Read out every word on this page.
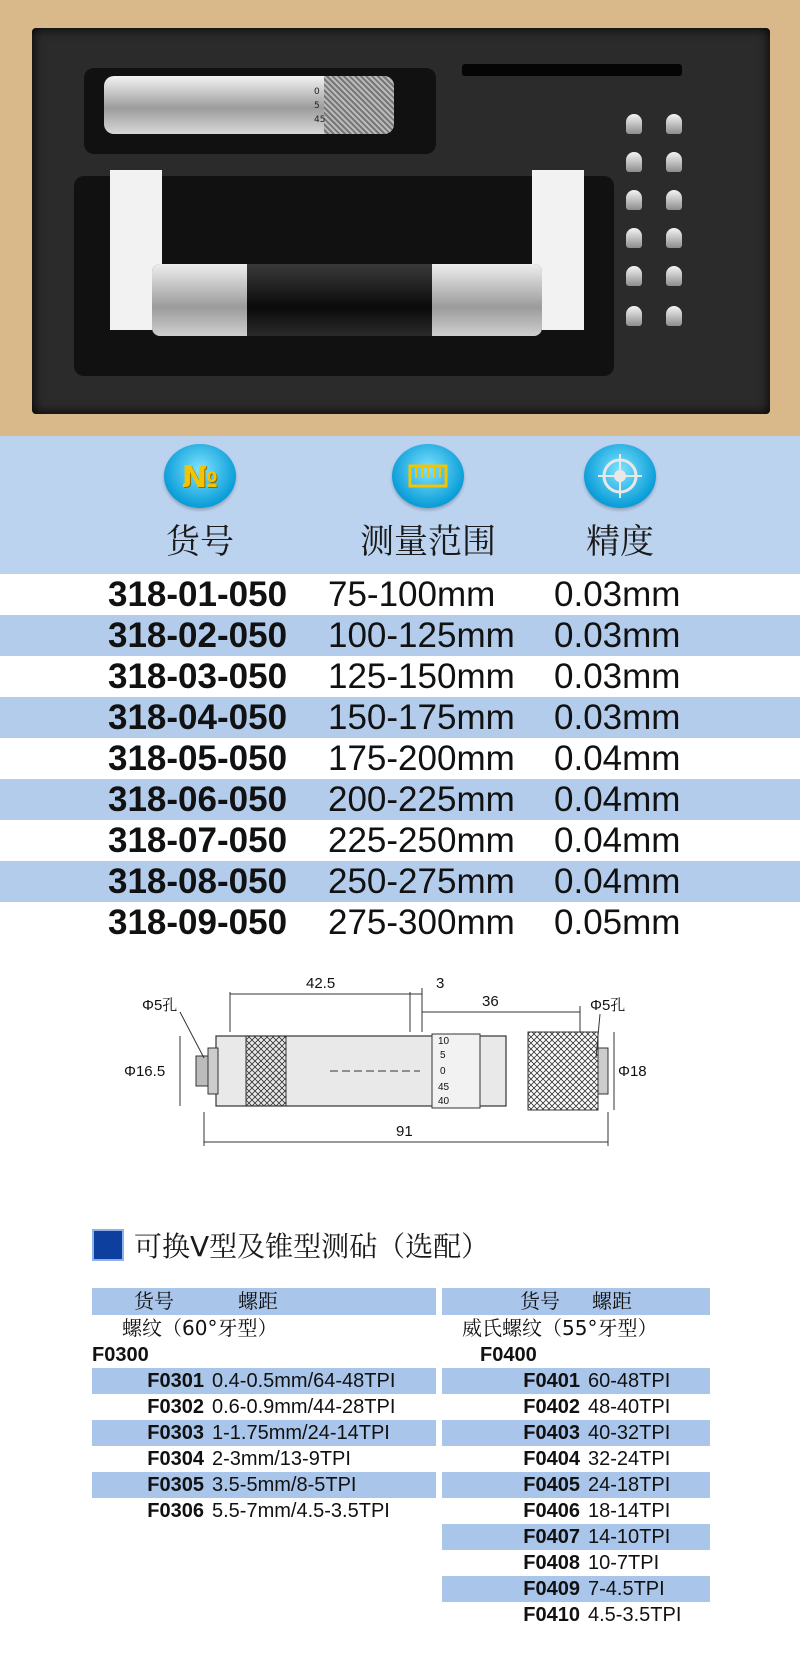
0
5
45
№
货号	测量范围	精度
318-01-050 75-100mm 0.03mm
318-02-050 100-125mm 0.03mm
318-03-050 125-150mm 0.03mm
318-04-050 150-175mm 0.03mm
318-05-050 175-200mm 0.04mm
318-06-050 200-225mm 0.04mm
318-07-050 225-250mm 0.04mm
318-08-050 250-275mm 0.04mm
318-09-050 275-300mm 0.05mm
10
5
0
45
40
42.5	3
36
Φ5孔	Φ5孔
Φ16.5	Φ18
91
可换V型及锥型测砧（选配）
货号	螺距
螺纹（60°牙型）
F0300
F0301 0.4-0.5mm/64-48TPI
F0302 0.6-0.9mm/44-28TPI
F0303 1-1.75mm/24-14TPI
F0304 2-3mm/13-9TPI
F0305 3.5-5mm/8-5TPI
F0306 5.5-7mm/4.5-3.5TPI
货号 螺距
威氏螺纹（55°牙型）
F0400
F0401 60-48TPI
F0402 48-40TPI
F0403 40-32TPI
F0404 32-24TPI
F0405 24-18TPI
F0406 18-14TPI
F0407 14-10TPI
F0408 10-7TPI
F0409 7-4.5TPI
F0410 4.5-3.5TPI
